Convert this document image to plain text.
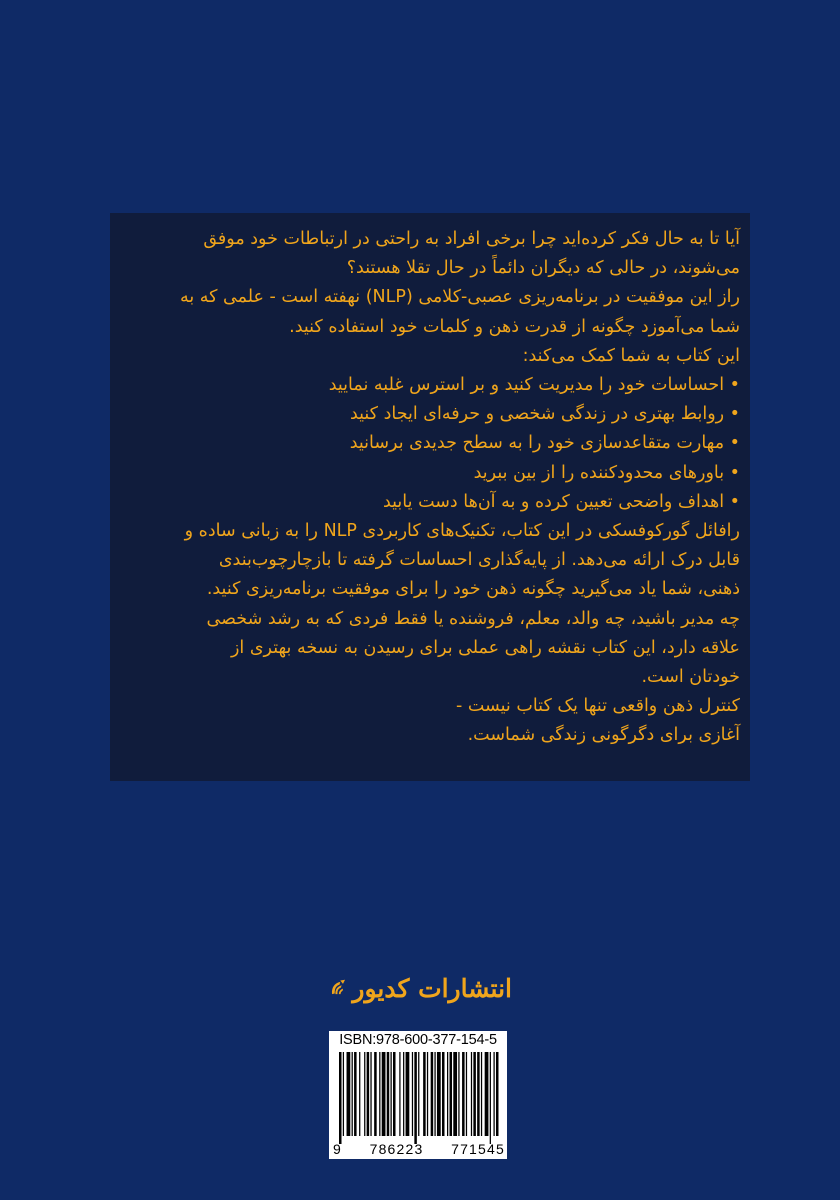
آیا تا به حال فکر کرده‌اید چرا برخی افراد به راحتی در ارتباطات خود موفق
می‌شوند، در حالی که دیگران دائماً در حال تقلا هستند؟
راز این موفقیت در برنامه‌ریزی عصبی-کلامی (NLP) نهفته است - علمی که به
شما می‌آموزد چگونه از قدرت ذهن و کلمات خود استفاده کنید.
این کتاب به شما کمک می‌کند:
• احساسات خود را مدیریت کنید و بر استرس غلبه نمایید
• روابط بهتری در زندگی شخصی و حرفه‌ای ایجاد کنید
• مهارت متقاعدسازی خود را به سطح جدیدی برسانید
• باورهای محدودکننده را از بین ببرید
• اهداف واضحی تعیین کرده و به آن‌ها دست یابید
رافائل گورکوفسکی در این کتاب، تکنیک‌های کاربردی NLP را به زبانی ساده و
قابل درک ارائه می‌دهد. از پایه‌گذاری احساسات گرفته تا بازچارچوب‌بندی
ذهنی، شما یاد می‌گیرید چگونه ذهن خود را برای موفقیت برنامه‌ریزی کنید.
چه مدیر باشید، چه والد، معلم، فروشنده یا فقط فردی که به رشد شخصی
علاقه دارد، این کتاب نقشه راهی عملی برای رسیدن به نسخه بهتری از
خودتان است.
کنترل ذهن واقعی تنها یک کتاب نیست -
آغازی برای دگرگونی زندگی شماست.

انتشارات کدیور
ISBN:978-600-377-154-5
9 786223 771545
